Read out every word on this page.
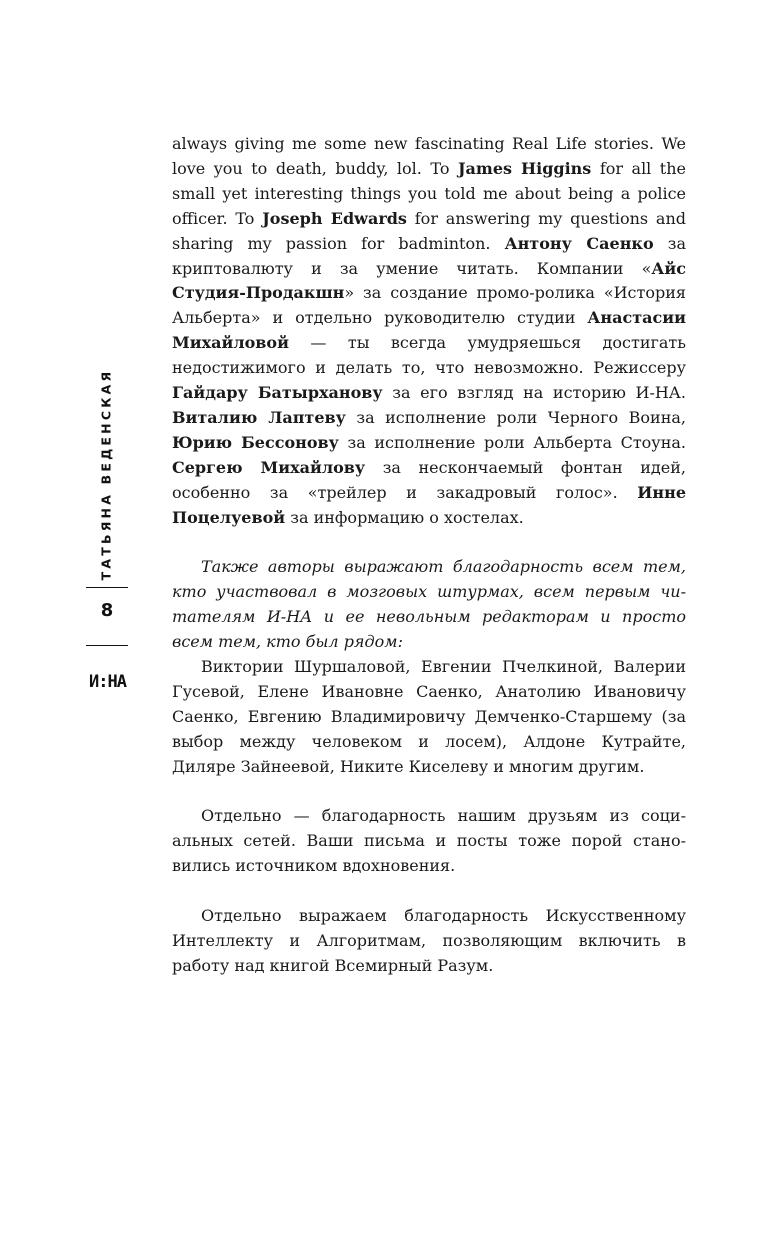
ТАТЬЯНА ВЕДЕНСКАЯ
8
И:НА

always giving me some new fascinating Real Life stories. We love you to death, buddy, lol. To James Higgins for all the small yet interesting things you told me about being a police officer. To Joseph Edwards for answering my questions and sharing my passion for badminton. Антону Саенко за криптовалюту и за умение читать. Компании «Айс Студия-Продакшн» за создание промо-ролика «История Альберта» и отдельно руководителю студии Анастасии Михайловой — ты всегда умудряешься достигать недостижимого и делать то, что невозможно. Режиссеру Гайдару Батырханову за его взгляд на историю И-НА. Виталию Лаптеву за исполнение роли Черного Воина, Юрию Бессонову за исполнение роли Альберта Стоуна. Сергею Михайлову за нескончаемый фонтан идей, особенно за «трейлер и закадровый голос». Инне Поцелуевой за информацию о хостелах.

Также авторы выражают благодарность всем тем, кто участвовал в мозговых штурмах, всем первым читателям И-НА и ее невольным редакторам и просто всем тем, кто был рядом:

Виктории Шуршаловой, Евгении Пчелкиной, Валерии Гусевой, Елене Ивановне Саенко, Анатолию Ивановичу Саенко, Евгению Владимировичу Демченко-Старшему (за выбор между человеком и лосем), Алдоне Кутрайте, Диляре Зайнеевой, Никите Киселеву и многим другим.

Отдельно — благодарность нашим друзьям из социальных сетей. Ваши письма и посты тоже порой становились источником вдохновения.

Отдельно выражаем благодарность Искусственному Интеллекту и Алгоритмам, позволяющим включить в работу над книгой Всемирный Разум.
